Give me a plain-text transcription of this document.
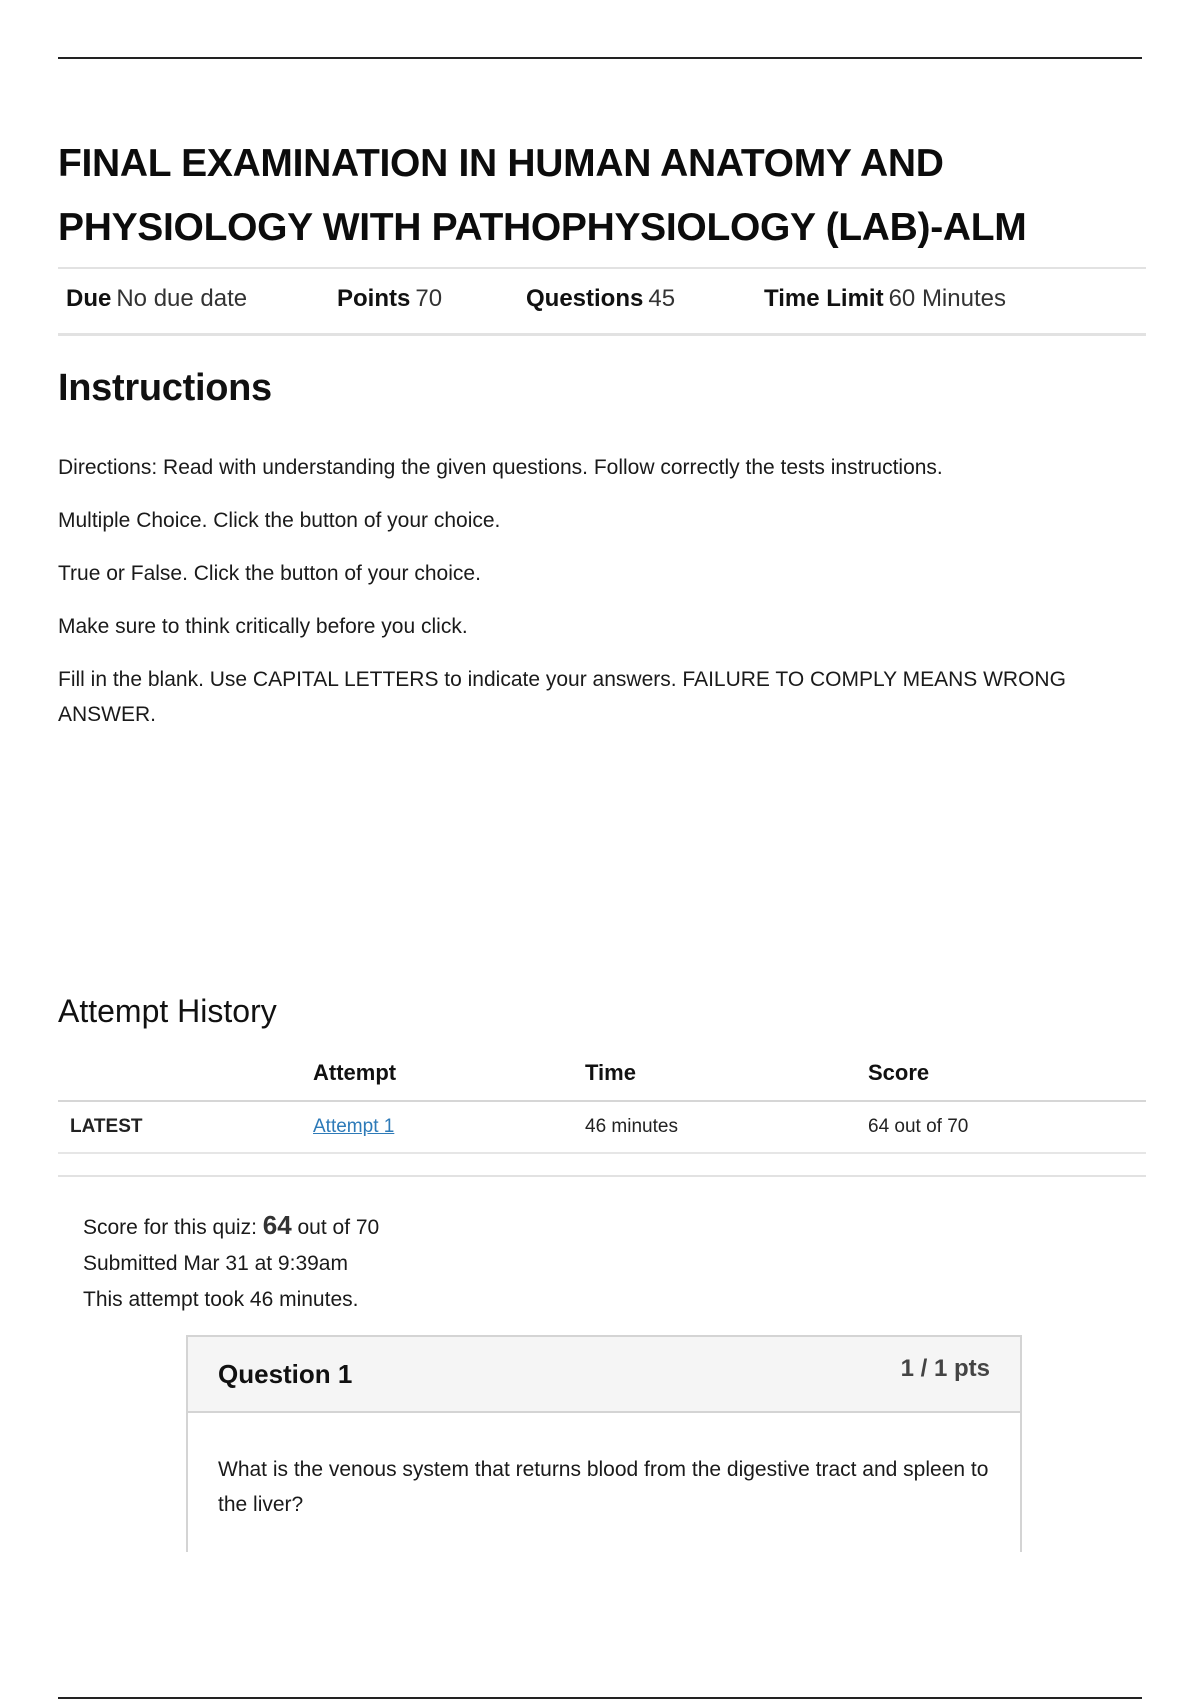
FINAL EXAMINATION IN HUMAN ANATOMY AND PHYSIOLOGY WITH PATHOPHYSIOLOGY (LAB)-ALM
Due No due date	Points 70	Questions 45	Time Limit 60 Minutes
Instructions

Directions: Read with understanding the given questions. Follow correctly the tests instructions.

Multiple Choice. Click the button of your choice.

True or False. Click the button of your choice.

Make sure to think critically before you click.

Fill in the blank. Use CAPITAL LETTERS to indicate your answers. FAILURE TO COMPLY MEANS WRONG ANSWER.

Attempt History
	Attempt	Time	Score
LATEST	Attempt 1	46 minutes	64 out of 70
Score for this quiz: 64 out of 70
Submitted Mar 31 at 9:39am
This attempt took 46 minutes.
Question 1	1 / 1 pts

What is the venous system that returns blood from the digestive tract and spleen to the liver?
